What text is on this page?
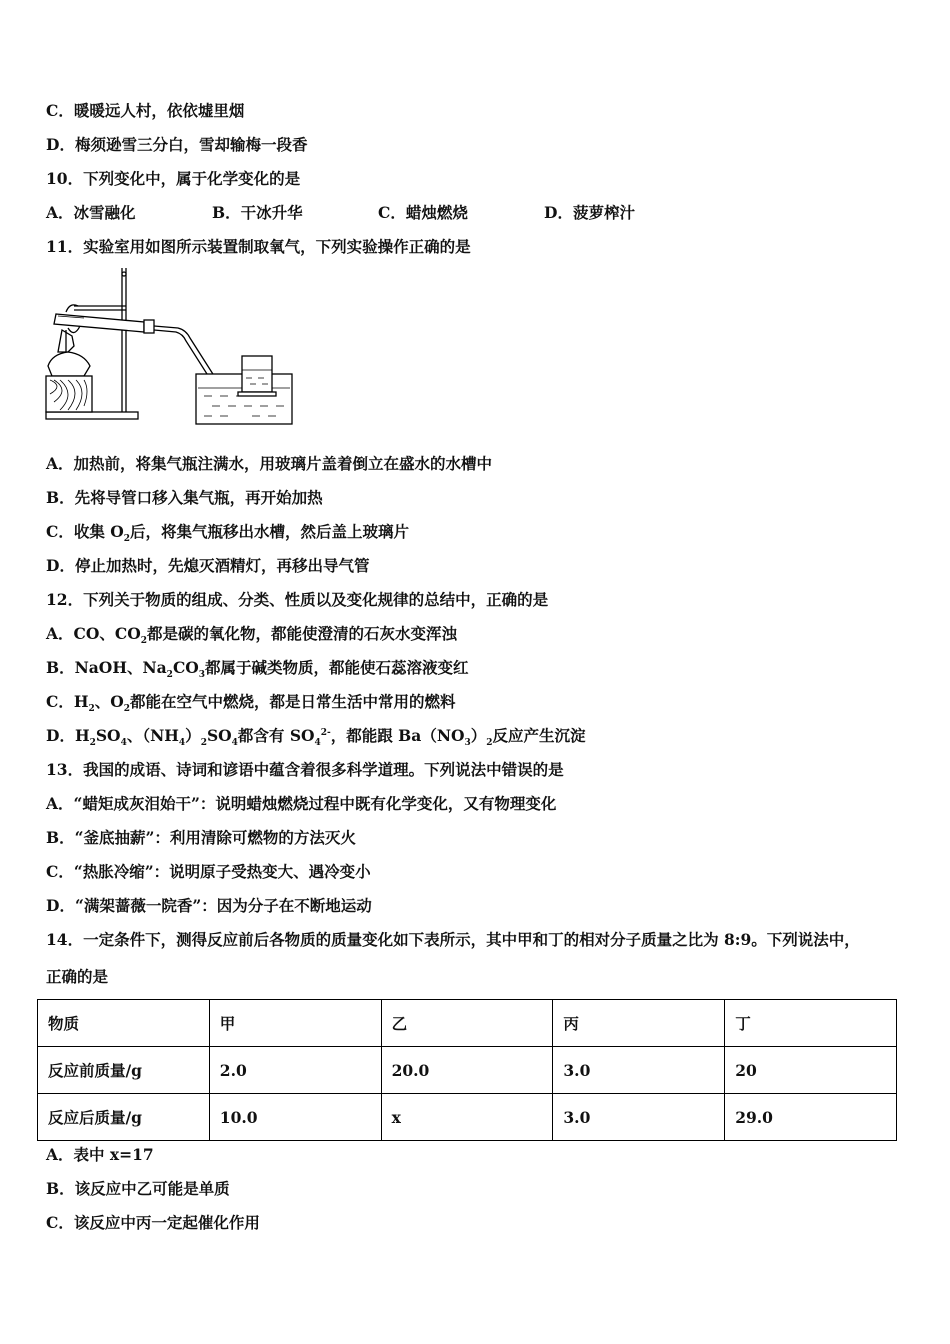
C．暖暖远人村，依依墟里烟
D．梅须逊雪三分白，雪却输梅一段香
10．下列变化中，属于化学变化的是
A．冰雪融化	B．干冰升华	C．蜡烛燃烧	D．菠萝榨汁
11．实验室用如图所示装置制取氧气，下列实验操作正确的是
A．加热前，将集气瓶注满水，用玻璃片盖着倒立在盛水的水槽中
B．先将导管口移入集气瓶，再开始加热
C．收集 $O_2$后，将集气瓶移出水槽，然后盖上玻璃片
D．停止加热时，先熄灭酒精灯，再移出导气管
12．下列关于物质的组成、分类、性质以及变化规律的总结中，正确的是
A．CO、$CO_2$都是碳的氧化物，都能使澄清的石灰水变浑浊
B．NaOH、$Na_2CO_3$都属于碱类物质，都能使石蕊溶液变红
C．$H_2$、$O_2$都能在空气中燃烧，都是日常生活中常用的燃料
D．$H_2SO_4$、$(NH_4)_2SO_4$都含有 $SO_4^{2-}$，都能跟 $Ba(NO_3)_2$反应产生沉淀
13．我国的成语、诗词和谚语中蕴含着很多科学道理。下列说法中错误的是
A．“蜡矩成灰泪始干”：说明蜡烛燃烧过程中既有化学变化，又有物理变化
B．“釜底抽薪”：利用清除可燃物的方法灭火
C．“热胀冷缩”：说明原子受热变大、遇冷变小
D．“满架蔷薇一院香”：因为分子在不断地运动
14．一定条件下，测得反应前后各物质的质量变化如下表所示，其中甲和丁的相对分子质量之比为 8:9。下列说法中，
正确的是
物质	甲	乙	丙	丁
反应前质量/g	2.0	20.0	3.0	20
反应后质量/g	10.0	x	3.0	29.0
A．表中 x=17
B．该反应中乙可能是单质
C．该反应中丙一定起催化作用
